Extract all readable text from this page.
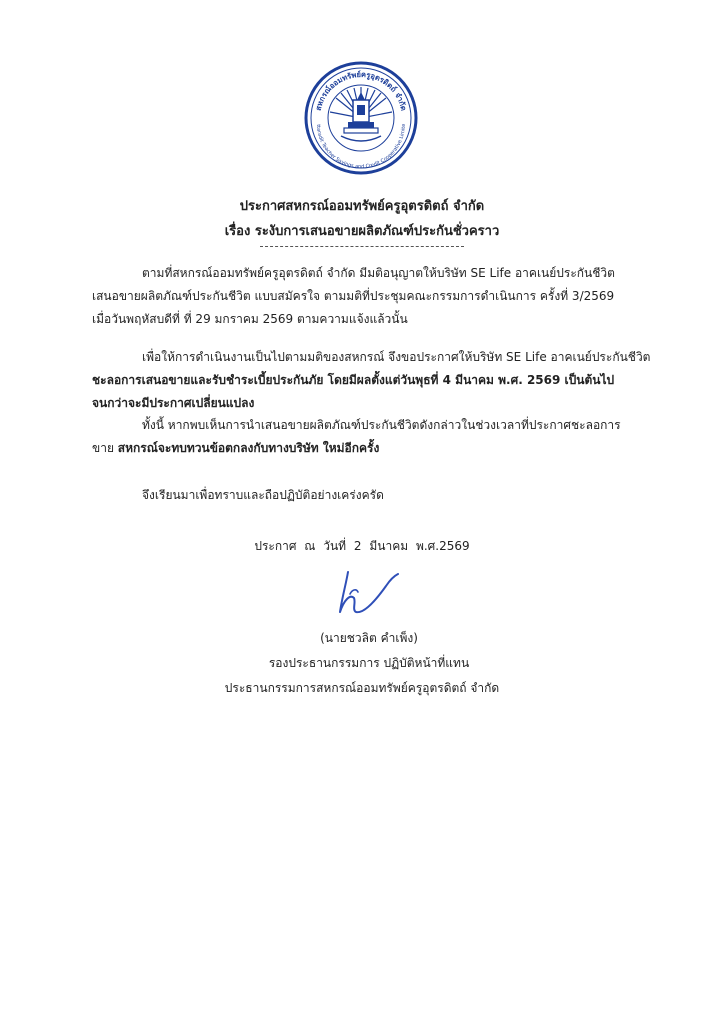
สหกรณ์ออมทรัพย์ครูอุตรดิตถ์ จำกัด
ttaradit Teacher Savings and Credit Cooperative Limite
ประกาศสหกรณ์ออมทรัพย์ครูอุตรดิตถ์ จำกัด
เรื่อง ระงับการเสนอขายผลิตภัณฑ์ประกันชั่วคราว
ตามที่สหกรณ์ออมทรัพย์ครูอุตรดิตถ์ จำกัด มีมติอนุญาตให้บริษัท SE Life อาคเนย์ประกันชีวิต
เสนอขายผลิตภัณฑ์ประกันชีวิต แบบสมัครใจ ตามมติที่ประชุมคณะกรรมการดำเนินการ ครั้งที่ 3/2569
เมื่อวันพฤหัสบดีที่ ที่ 29 มกราคม 2569 ตามความแจ้งแล้วนั้น
เพื่อให้การดำเนินงานเป็นไปตามมติของสหกรณ์ จึงขอประกาศให้บริษัท SE Life อาคเนย์ประกันชีวิต
ชะลอการเสนอขายและรับชำระเบี้ยประกันภัย โดยมีผลตั้งแต่วันพุธที่ 4 มีนาคม พ.ศ. 2569 เป็นต้นไป
จนกว่าจะมีประกาศเปลี่ยนแปลง
ทั้งนี้ หากพบเห็นการนำเสนอขายผลิตภัณฑ์ประกันชีวิตดังกล่าวในช่วงเวลาที่ประกาศชะลอการ
ขาย สหกรณ์จะทบทวนข้อตกลงกับทางบริษัท ใหม่อีกครั้ง
จึงเรียนมาเพื่อทราบและถือปฏิบัติอย่างเคร่งครัด
ประกาศ ณ วันที่ 2 มีนาคม พ.ศ.2569
(นายชวลิต คำเพ็ง)
รองประธานกรรมการ ปฏิบัติหน้าที่แทน
ประธานกรรมการสหกรณ์ออมทรัพย์ครูอุตรดิตถ์ จำกัด
